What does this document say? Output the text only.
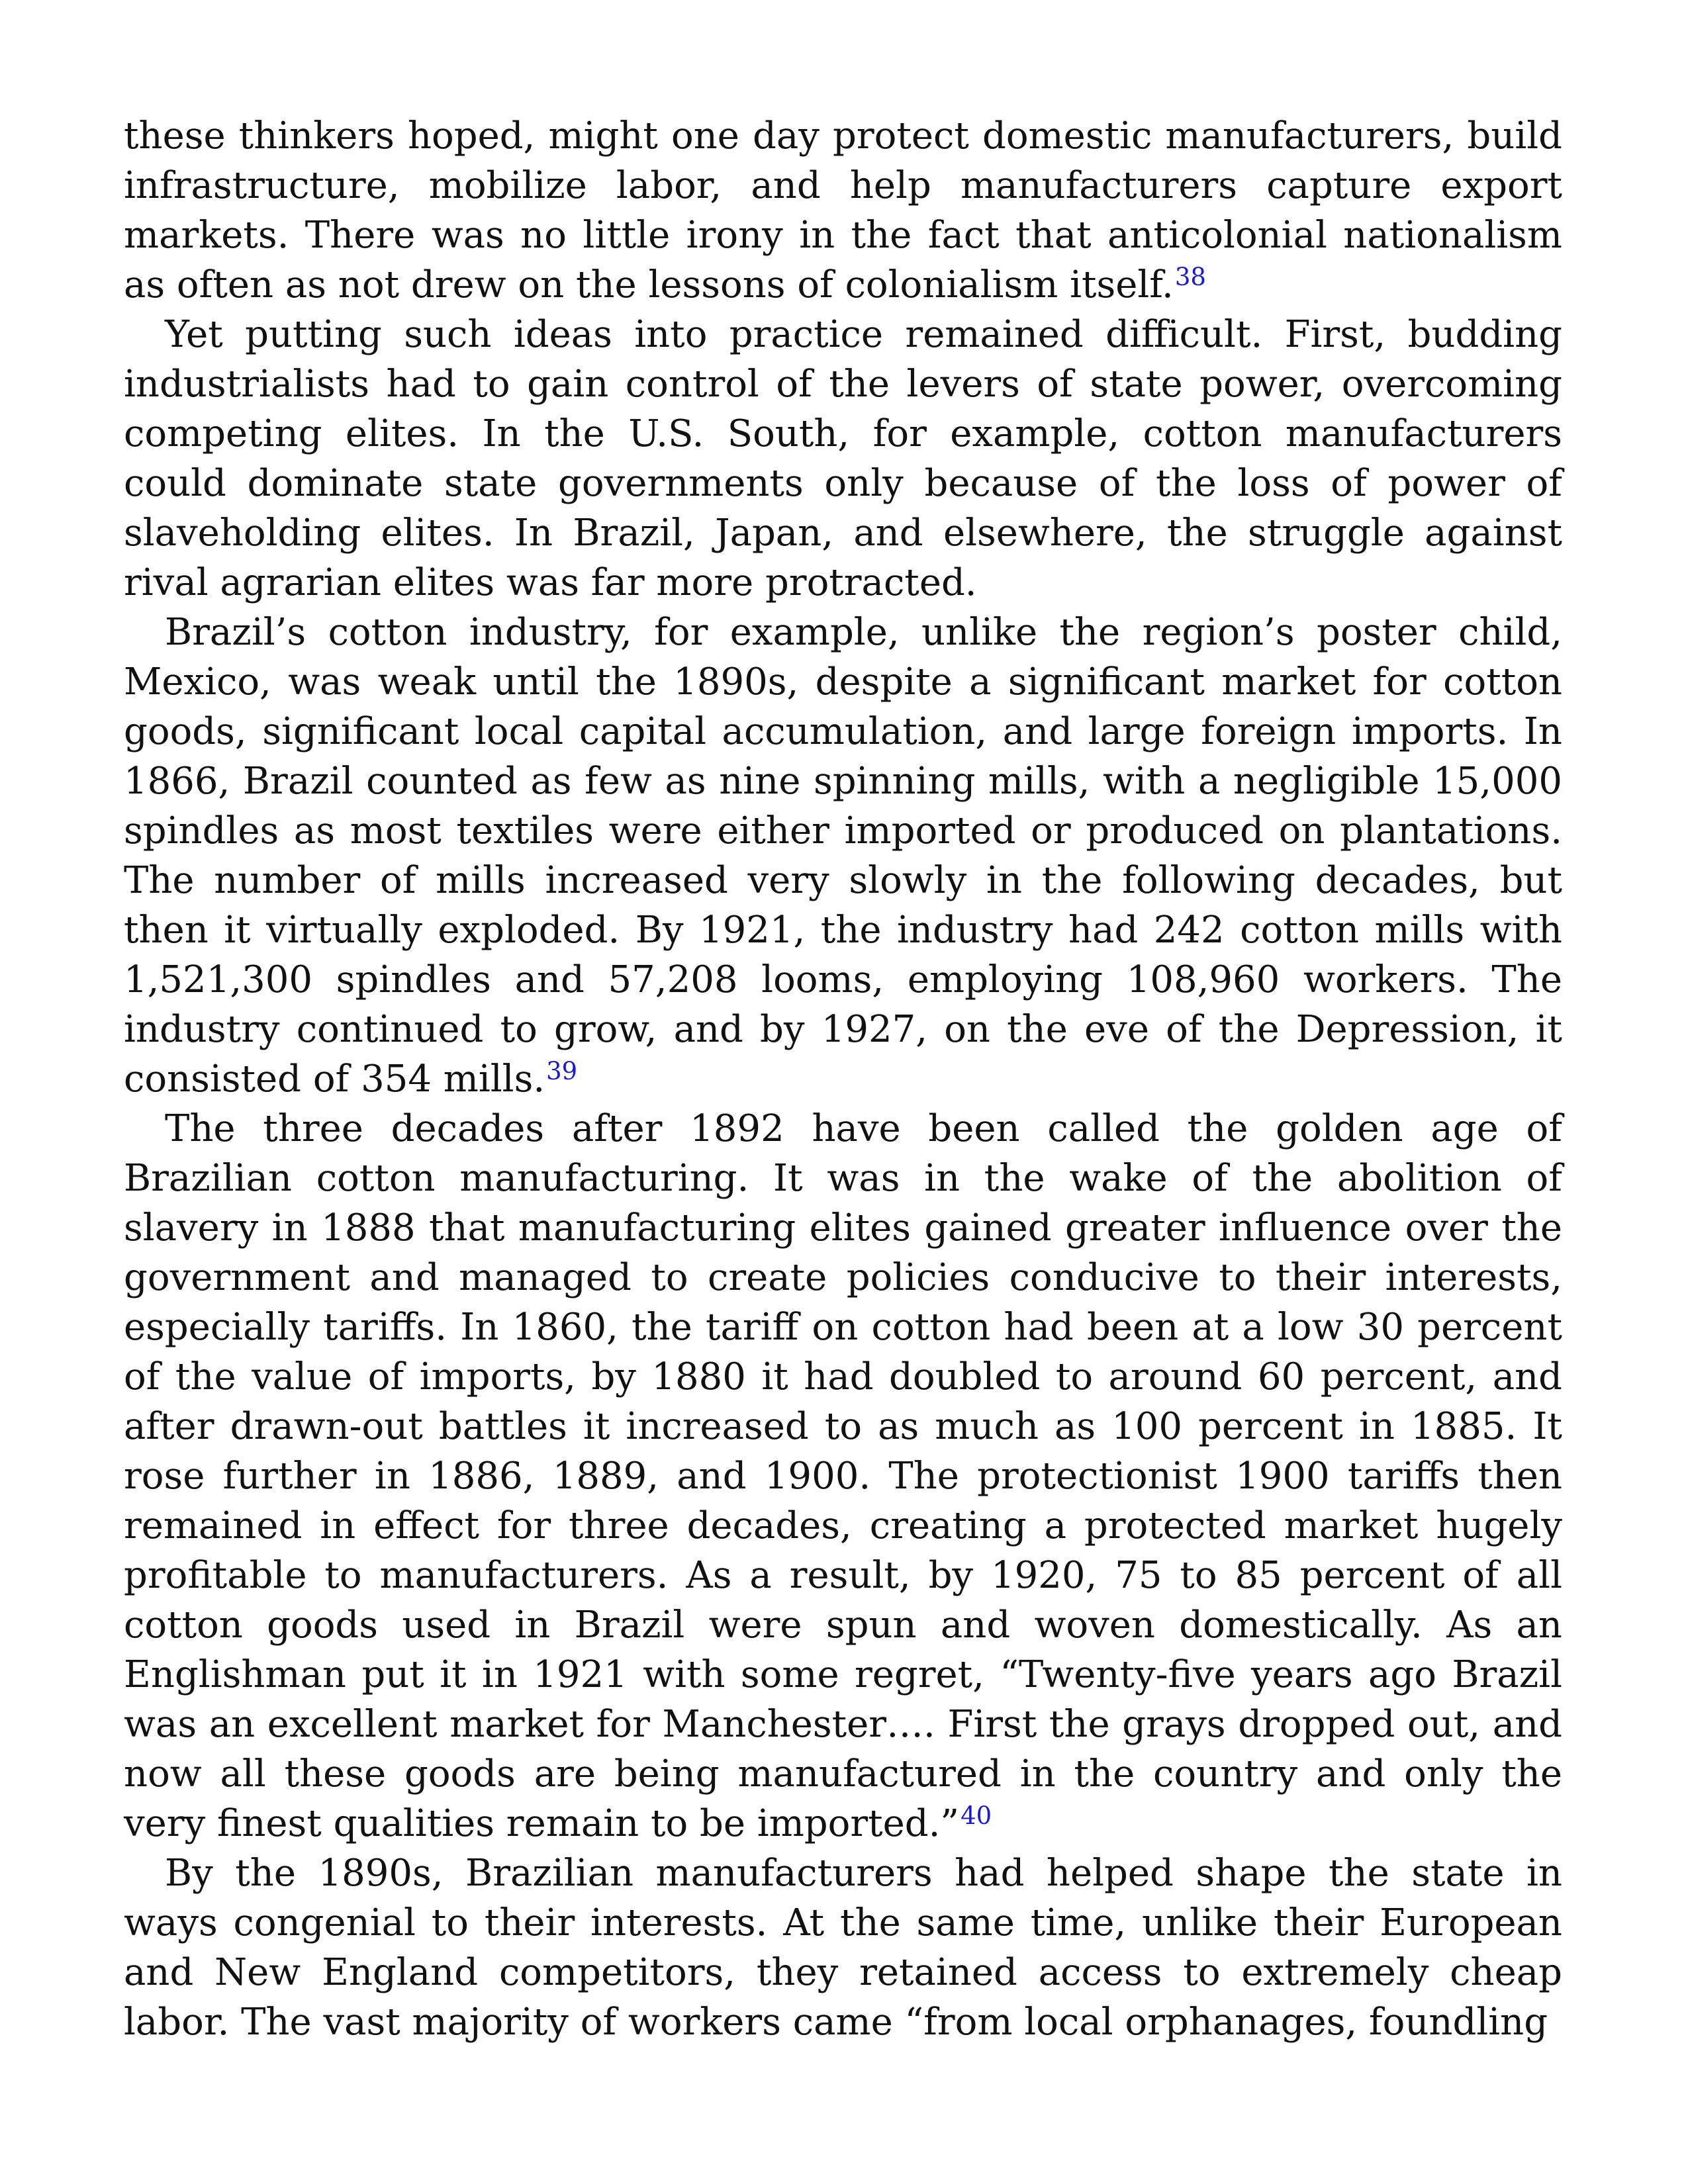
these thinkers hoped, might one day protect domestic manufacturers, build infrastructure, mobilize labor, and help manufacturers capture export markets. There was no little irony in the fact that anticolonial nationalism as often as not drew on the lessons of colonialism itself.$^{38}$

Yet putting such ideas into practice remained difficult. First, budding industrialists had to gain control of the levers of state power, overcoming competing elites. In the U.S. South, for example, cotton manufacturers could dominate state governments only because of the loss of power of slaveholding elites. In Brazil, Japan, and elsewhere, the struggle against rival agrarian elites was far more protracted.

Brazil’s cotton industry, for example, unlike the region’s poster child, Mexico, was weak until the 1890s, despite a significant market for cotton goods, significant local capital accumulation, and large foreign imports. In 1866, Brazil counted as few as nine spinning mills, with a negligible 15,000 spindles as most textiles were either imported or produced on plantations. The number of mills increased very slowly in the following decades, but then it virtually exploded. By 1921, the industry had 242 cotton mills with 1,521,300 spindles and 57,208 looms, employing 108,960 workers. The industry continued to grow, and by 1927, on the eve of the Depression, it consisted of 354 mills.$^{39}$

The three decades after 1892 have been called the golden age of Brazilian cotton manufacturing. It was in the wake of the abolition of slavery in 1888 that manufacturing elites gained greater influence over the government and managed to create policies conducive to their interests, especially tariffs. In 1860, the tariff on cotton had been at a low 30 percent of the value of imports, by 1880 it had doubled to around 60 percent, and after drawn-out battles it increased to as much as 100 percent in 1885. It rose further in 1886, 1889, and 1900. The protectionist 1900 tariffs then remained in effect for three decades, creating a protected market hugely profitable to manufacturers. As a result, by 1920, 75 to 85 percent of all cotton goods used in Brazil were spun and woven domestically. As an Englishman put it in 1921 with some regret, “Twenty-five years ago Brazil was an excellent market for Manchester…. First the grays dropped out, and now all these goods are being manufactured in the country and only the very finest qualities remain to be imported.”$^{40}$

By the 1890s, Brazilian manufacturers had helped shape the state in ways congenial to their interests. At the same time, unlike their European and New England competitors, they retained access to extremely cheap labor. The vast majority of workers came “from local orphanages, foundling
